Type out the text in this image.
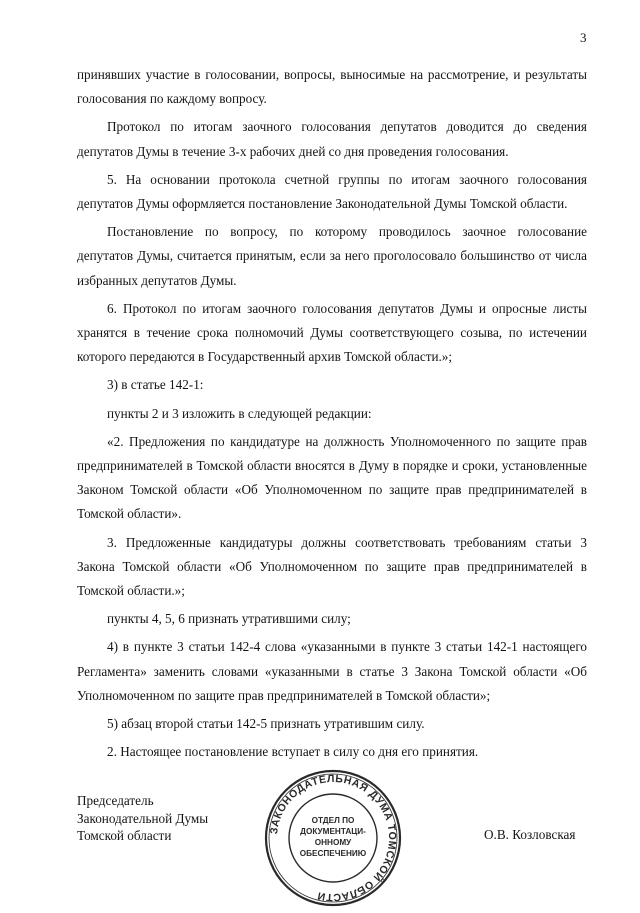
3

принявших участие в голосовании, вопросы, выносимые на рассмотрение, и результаты голосования по каждому вопросу.

Протокол по итогам заочного голосования депутатов доводится до сведения депутатов Думы в течение 3-х рабочих дней со дня проведения голосования.

5. На основании протокола счетной группы по итогам заочного голосования депутатов Думы оформляется постановление Законодательной Думы Томской области.

Постановление по вопросу, по которому проводилось заочное голосование депутатов Думы, считается принятым, если за него проголосовало большинство от числа избранных депутатов Думы.

6. Протокол по итогам заочного голосования депутатов Думы и опросные листы хранятся в течение срока полномочий Думы соответствующего созыва, по истечении которого передаются в Государственный архив Томской области.»;

3) в статье 142-1:

пункты 2 и 3 изложить в следующей редакции:

«2. Предложения по кандидатуре на должность Уполномоченного по защите прав предпринимателей в Томской области вносятся в Думу в порядке и сроки, установленные Законом Томской области «Об Уполномоченном по защите прав предпринимателей в Томской области».

3. Предложенные кандидатуры должны соответствовать требованиям статьи 3 Закона Томской области «Об Уполномоченном по защите прав предпринимателей в Томской области.»;

пункты 4, 5, 6 признать утратившими силу;

4) в пункте 3 статьи 142-4 слова «указанными в пункте 3 статьи 142-1 настоящего Регламента» заменить словами «указанными в статье 3 Закона Томской области «Об Уполномоченном по защите прав предпринимателей в Томской области»;

5) абзац второй статьи 142-5 признать утратившим силу.

2. Настоящее постановление вступает в силу со дня его принятия.

Председатель
Законодательной Думы
Томской области	О.В. Козловская
ЗАКОНОДАТЕЛЬНАЯ ДУМА ТОМСКОЙ ОБЛАСТИ
ОТДЕЛ ПО
ДОКУМЕНТАЦИ-
ОННОМУ
ОБЕСПЕЧЕНИЮ
